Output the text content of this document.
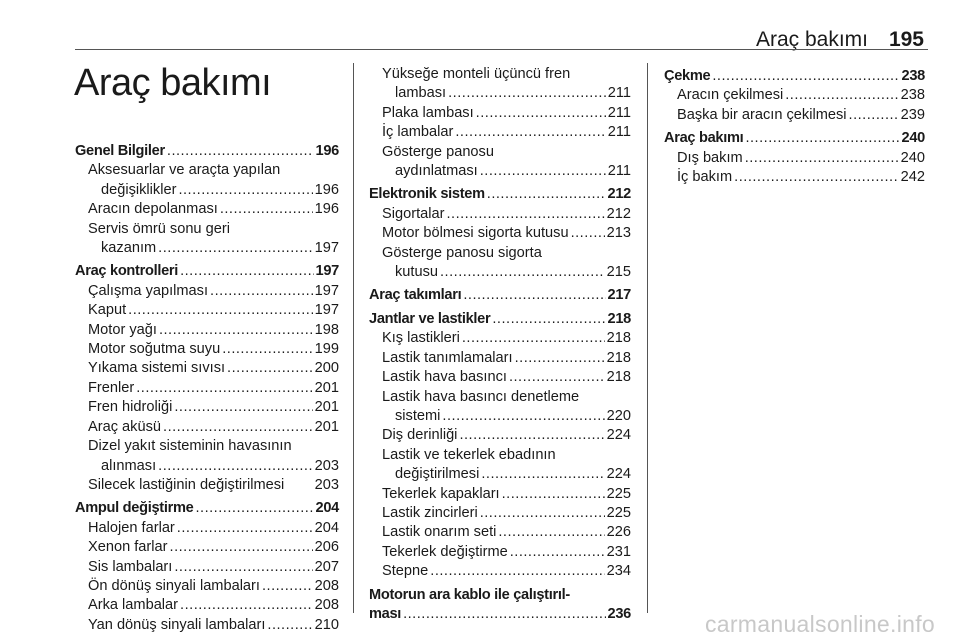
Araç bakımı 195
Araç bakımı
Genel Bilgiler .....	196
Aksesuarlar ve araçta yapılan
değişiklikler .....	196
Aracın depolanması .....	196
Servis ömrü sonu geri
kazanım .....	197
Araç kontrolleri .....	197
Çalışma yapılması .....	197
Kaput .....	197
Motor yağı .....	198
Motor soğutma suyu .....	199
Yıkama sistemi sıvısı .....	200
Frenler .....	201
Fren hidroliği .....	201
Araç aküsü .....	201
Dizel yakıt sisteminin havasının
alınması .....	203
Silecek lastiğinin değiştirilmesi 203
Ampul değiştirme .....	204
Halojen farlar .....	204
Xenon farlar .....	206
Sis lambaları .....	207
Ön dönüş sinyali lambaları .....	208
Arka lambalar .....	208
Yan dönüş sinyali lambaları .....	210
Yükseğe monteli üçüncü fren
lambası .....	211
Plaka lambası .....	211
İç lambalar .....	211
Gösterge panosu
aydınlatması .....	211
Elektronik sistem .....	212
Sigortalar .....	212
Motor bölmesi sigorta kutusu .....	213
Gösterge panosu sigorta
kutusu .....	215
Araç takımları .....	217
Jantlar ve lastikler .....	218
Kış lastikleri .....	218
Lastik tanımlamaları .....	218
Lastik hava basıncı .....	218
Lastik hava basıncı denetleme
sistemi .....	220
Diş derinliği .....	224
Lastik ve tekerlek ebadının
değiştirilmesi .....	224
Tekerlek kapakları .....	225
Lastik zincirleri .....	225
Lastik onarım seti .....	226
Tekerlek değiştirme .....	231
Stepne .....	234
Motorun ara kablo ile çalıştırıl-
ması .....	236
Çekme .....	238
Aracın çekilmesi .....	238
Başka bir aracın çekilmesi .....	239
Araç bakımı .....	240
Dış bakım .....	240
İç bakım .....	242
carmanualsonline.info
